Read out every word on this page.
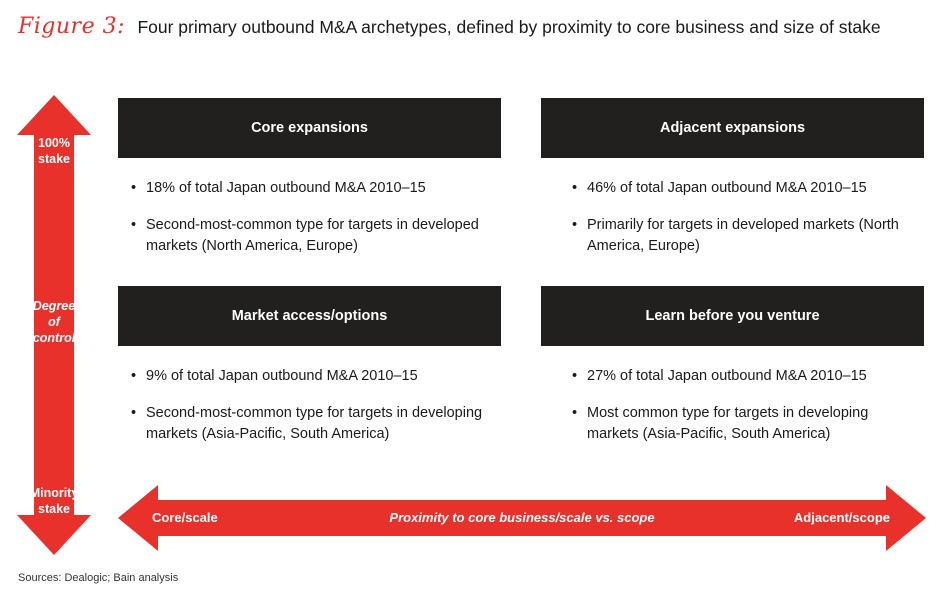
Figure 3: Four primary outbound M&A archetypes, defined by proximity to core business and size of stake
100%
stake
Degree
of
control
Minority
stake
Core expansions
• 18% of total Japan outbound M&A 2010–15
• Second-most-common type for targets in developed markets (North America, Europe)
Adjacent expansions
• 46% of total Japan outbound M&A 2010–15
• Primarily for targets in developed markets (North America, Europe)
Market access/options
• 9% of total Japan outbound M&A 2010–15
• Second-most-common type for targets in developing markets (Asia-Pacific, South America)
Learn before you venture
• 27% of total Japan outbound M&A 2010–15
• Most common type for targets in developing markets (Asia-Pacific, South America)
Core/scale	Proximity to core business/scale vs. scope	Adjacent/scope
Sources: Dealogic; Bain analysis
